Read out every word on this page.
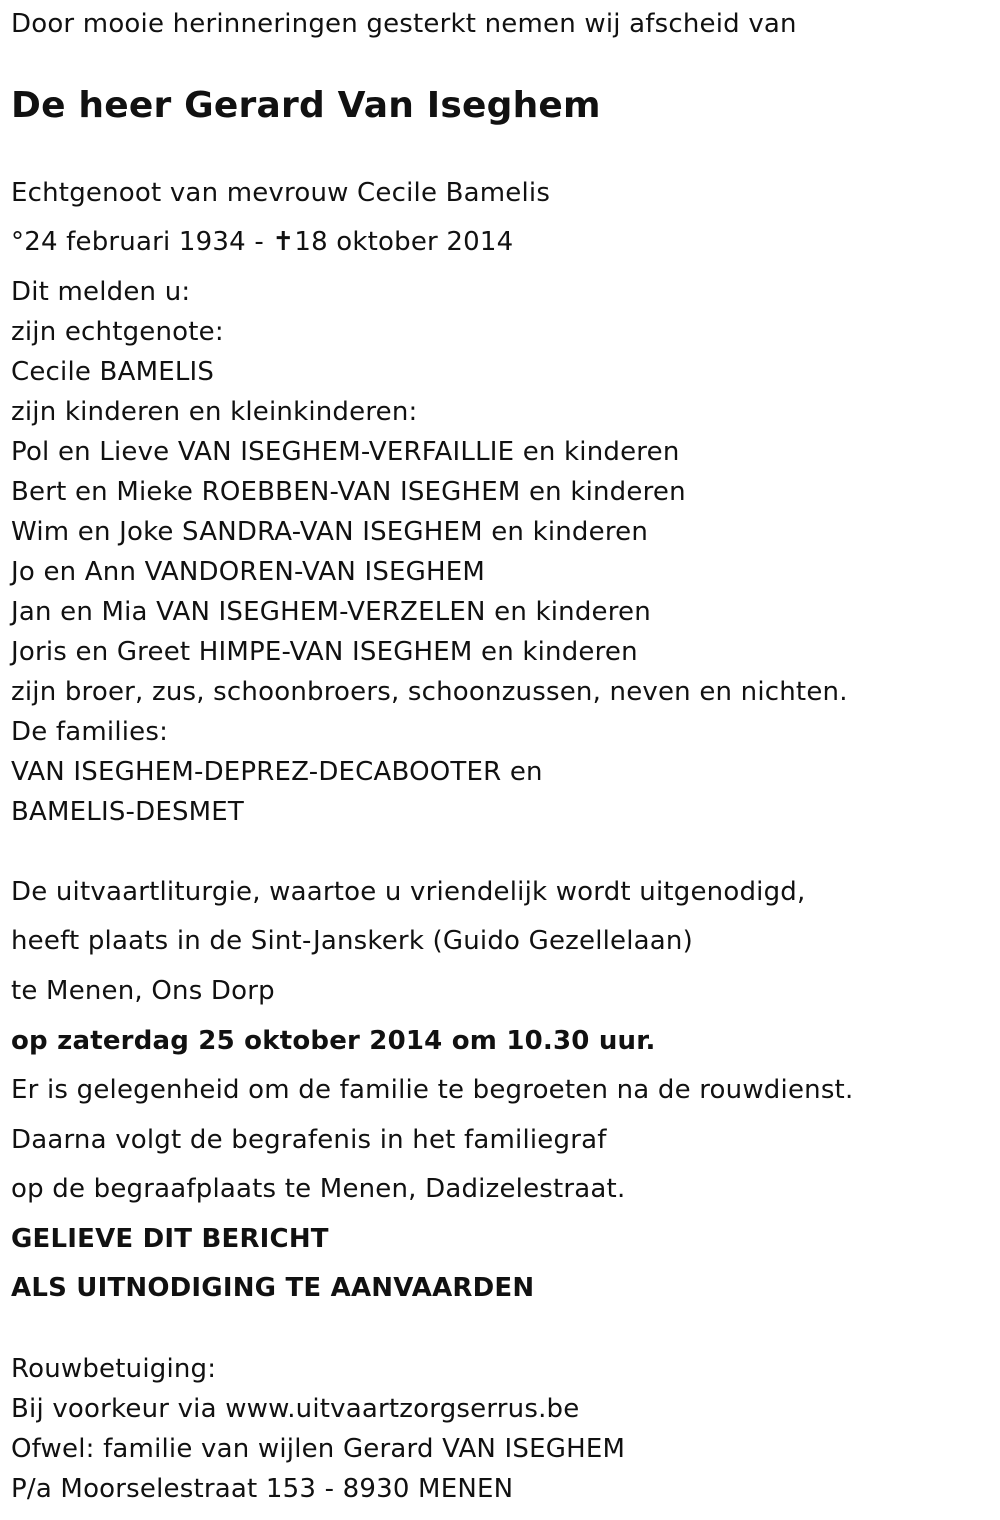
Door mooie herinneringen gesterkt nemen wij afscheid van
De heer Gerard Van Iseghem
Echtgenoot van mevrouw Cecile Bamelis
°24 februari 1934 - ✝18 oktober 2014
Dit melden u:
zijn echtgenote:
Cecile BAMELIS
zijn kinderen en kleinkinderen:
Pol en Lieve VAN ISEGHEM-VERFAILLIE en kinderen
Bert en Mieke ROEBBEN-VAN ISEGHEM en kinderen
Wim en Joke SANDRA-VAN ISEGHEM en kinderen
Jo en Ann VANDOREN-VAN ISEGHEM
Jan en Mia VAN ISEGHEM-VERZELEN en kinderen
Joris en Greet HIMPE-VAN ISEGHEM en kinderen
zijn broer, zus, schoonbroers, schoonzussen, neven en nichten.
De families:
VAN ISEGHEM-DEPREZ-DECABOOTER en
BAMELIS-DESMET
De uitvaartliturgie, waartoe u vriendelijk wordt uitgenodigd,
heeft plaats in de Sint-Janskerk (Guido Gezellelaan)
te Menen, Ons Dorp
op zaterdag 25 oktober 2014 om 10.30 uur.
Er is gelegenheid om de familie te begroeten na de rouwdienst.
Daarna volgt de begrafenis in het familiegraf
op de begraafplaats te Menen, Dadizelestraat.
GELIEVE DIT BERICHT
ALS UITNODIGING TE AANVAARDEN
Rouwbetuiging:
Bij voorkeur via www.uitvaartzorgserrus.be
Ofwel: familie van wijlen Gerard VAN ISEGHEM
P/a Moorselestraat 153 - 8930 MENEN
